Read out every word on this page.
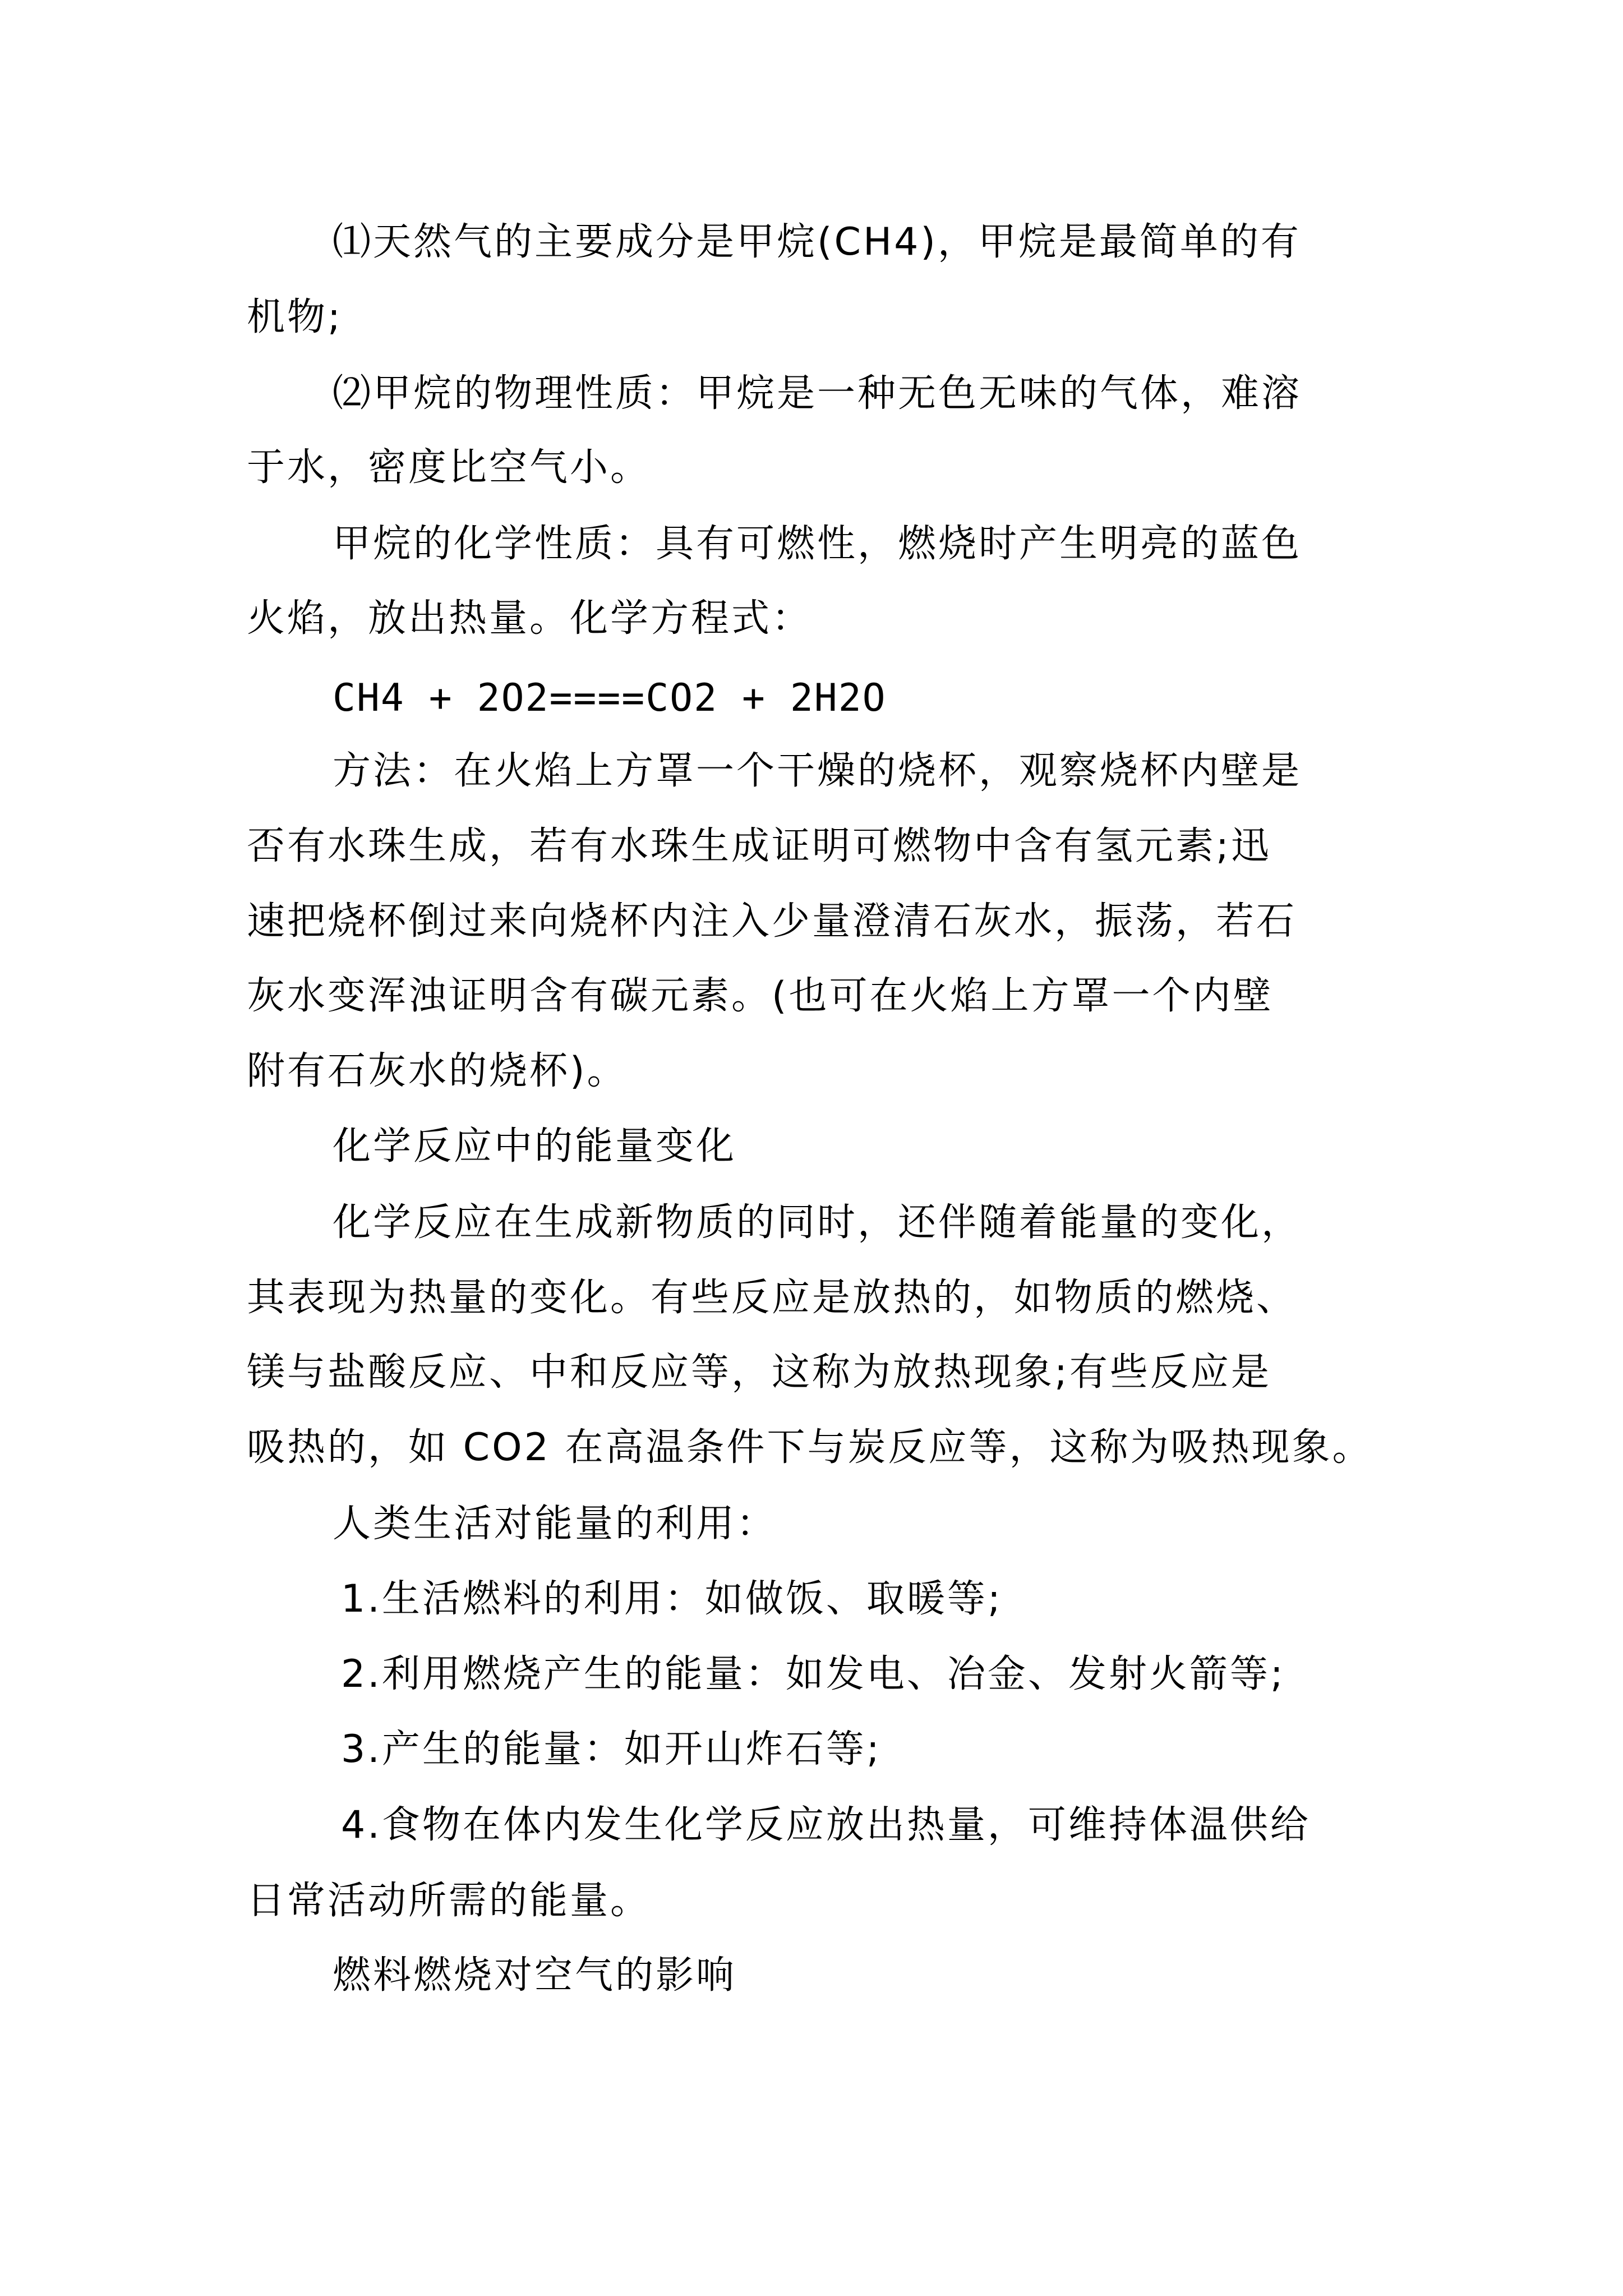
⑴天然气的主要成分是甲烷(CH4)，甲烷是最简单的有

机物;

⑵甲烷的物理性质：甲烷是一种无色无味的气体，难溶

于水，密度比空气小。

甲烷的化学性质：具有可燃性，燃烧时产生明亮的蓝色

火焰，放出热量。化学方程式：

CH4 + 2O2====CO2 + 2H2O

方法：在火焰上方罩一个干燥的烧杯，观察烧杯内壁是

否有水珠生成，若有水珠生成证明可燃物中含有氢元素;迅

速把烧杯倒过来向烧杯内注入少量澄清石灰水，振荡，若石

灰水变浑浊证明含有碳元素。(也可在火焰上方罩一个内壁

附有石灰水的烧杯)。

化学反应中的能量变化

化学反应在生成新物质的同时，还伴随着能量的变化，

其表现为热量的变化。有些反应是放热的，如物质的燃烧、

镁与盐酸反应、中和反应等，这称为放热现象;有些反应是

吸热的，如 CO2 在高温条件下与炭反应等，这称为吸热现象。

人类生活对能量的利用：

1.生活燃料的利用：如做饭、取暖等;

2.利用燃烧产生的能量：如发电、冶金、发射火箭等;

3.产生的能量：如开山炸石等;

4.食物在体内发生化学反应放出热量，可维持体温供给

日常活动所需的能量。

燃料燃烧对空气的影响
